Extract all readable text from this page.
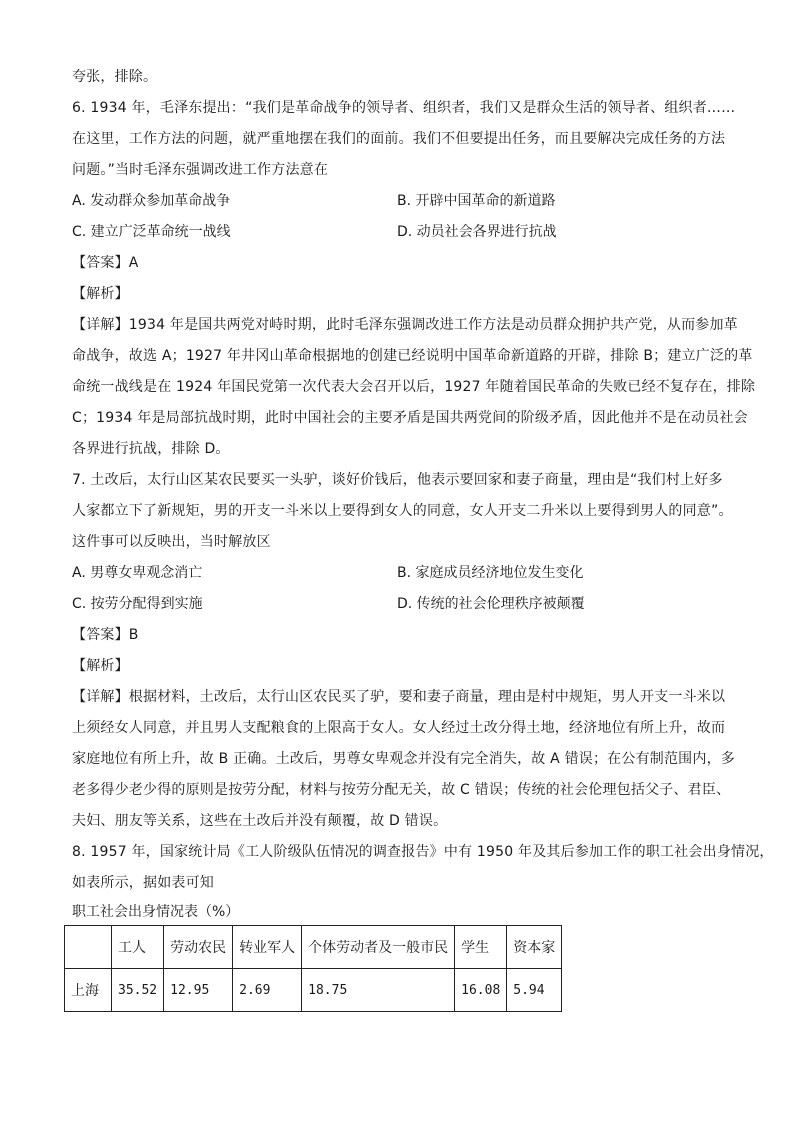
夸张，排除。
6. 1934 年，毛泽东提出：“我们是革命战争的领导者、组织者，我们又是群众生活的领导者、组织者……
在这里，工作方法的问题，就严重地摆在我们的面前。我们不但要提出任务，而且要解决完成任务的方法
问题。”当时毛泽东强调改进工作方法意在
A. 发动群众参加革命战争	B. 开辟中国革命的新道路
C. 建立广泛革命统一战线	D. 动员社会各界进行抗战
【答案】A
【解析】
【详解】1934 年是国共两党对峙时期，此时毛泽东强调改进工作方法是动员群众拥护共产党，从而参加革
命战争，故选 A；1927 年井冈山革命根据地的创建已经说明中国革命新道路的开辟，排除 B；建立广泛的革
命统一战线是在 1924 年国民党第一次代表大会召开以后，1927 年随着国民革命的失败已经不复存在，排除
C；1934 年是局部抗战时期，此时中国社会的主要矛盾是国共两党间的阶级矛盾，因此他并不是在动员社会
各界进行抗战，排除 D。
7. 土改后，太行山区某农民要买一头驴，谈好价钱后，他表示要回家和妻子商量，理由是“我们村上好多
人家都立下了新规矩，男的开支一斗米以上要得到女人的同意，女人开支二升米以上要得到男人的同意”。
这件事可以反映出，当时解放区
A. 男尊女卑观念消亡	B. 家庭成员经济地位发生变化
C. 按劳分配得到实施	D. 传统的社会伦理秩序被颠覆
【答案】B
【解析】
【详解】根据材料，土改后，太行山区农民买了驴，要和妻子商量，理由是村中规矩，男人开支一斗米以
上须经女人同意，并且男人支配粮食的上限高于女人。女人经过土改分得土地，经济地位有所上升，故而
家庭地位有所上升，故 B 正确。土改后，男尊女卑观念并没有完全消失，故 A 错误；在公有制范围内，多
老多得少老少得的原则是按劳分配，材料与按劳分配无关，故 C 错误；传统的社会伦理包括父子、君臣、
夫妇、朋友等关系，这些在土改后并没有颠覆，故 D 错误。
8. 1957 年，国家统计局《工人阶级队伍情况的调查报告》中有 1950 年及其后参加工作的职工社会出身情况，
如表所示，据如表可知
职工社会出身情况表（%）
	工人	劳动农民	转业军人	个体劳动者及一般市民	学生	资本家
上海	35.52	12.95	2.69	18.75	16.08	5.94
